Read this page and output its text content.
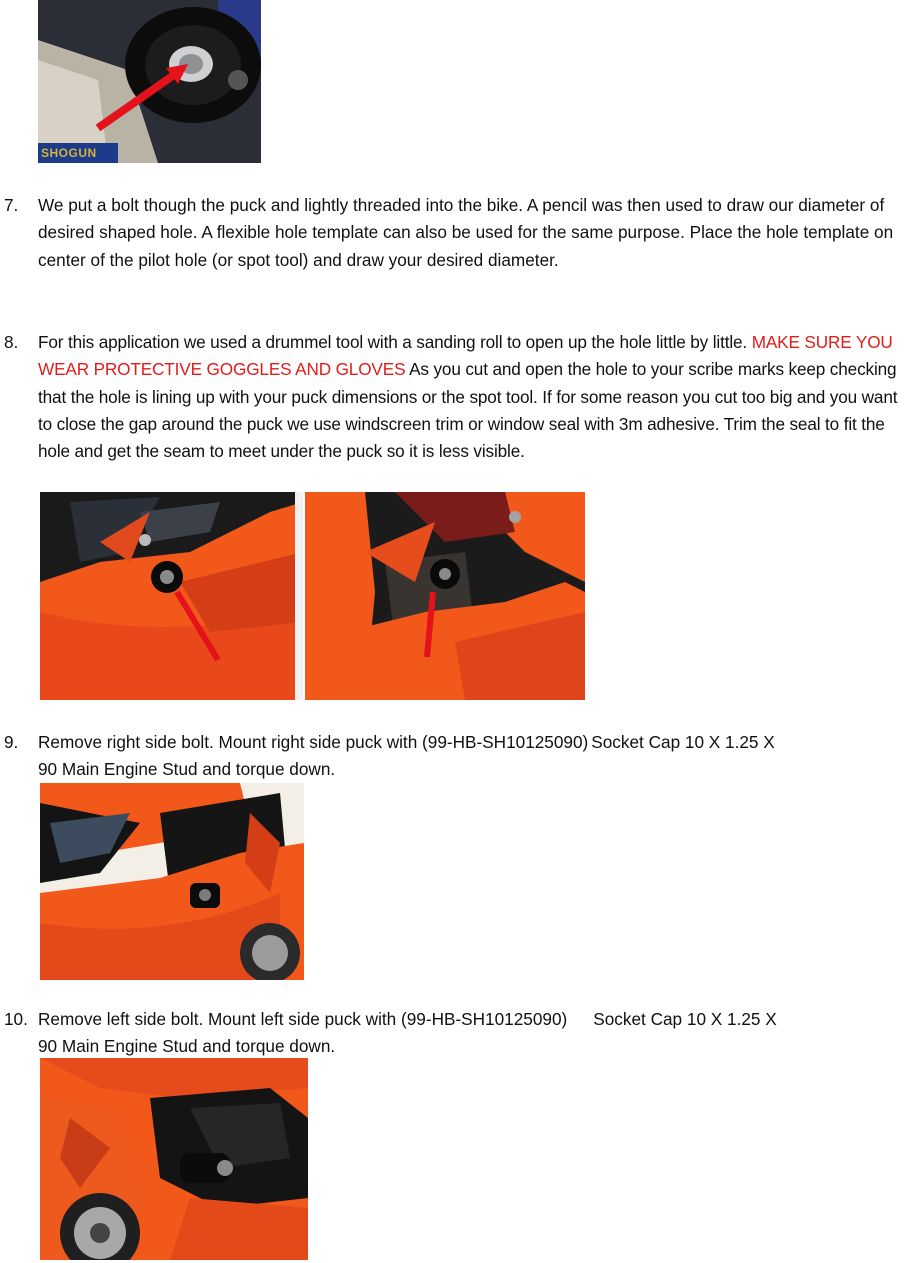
SHOGUN
7. We put a bolt though the puck and lightly threaded into the bike. A pencil was then used to draw our diameter of desired shaped hole. A flexible hole template can also be used for the same purpose. Place the hole template on center of the pilot hole (or spot tool) and draw your desired diameter.
8. For this application we used a drummel tool with a sanding roll to open up the hole little by little. MAKE SURE YOU WEAR PROTECTIVE GOGGLES AND GLOVES As you cut and open the hole to your scribe marks keep checking that the hole is lining up with your puck dimensions or the spot tool. If for some reason you cut too big and you want to close the gap around the puck we use windscreen trim or window seal with 3m adhesive. Trim the seal to fit the hole and get the seam to meet under the puck so it is less visible.
9. Remove right side bolt. Mount right side puck with (99-HB-SH10125090) Socket Cap 10 X 1.25 X
90 Main Engine Stud and torque down.
10. Remove left side bolt. Mount left side puck with (99-HB-SH10125090) Socket Cap 10 X 1.25 X
90 Main Engine Stud and torque down.
